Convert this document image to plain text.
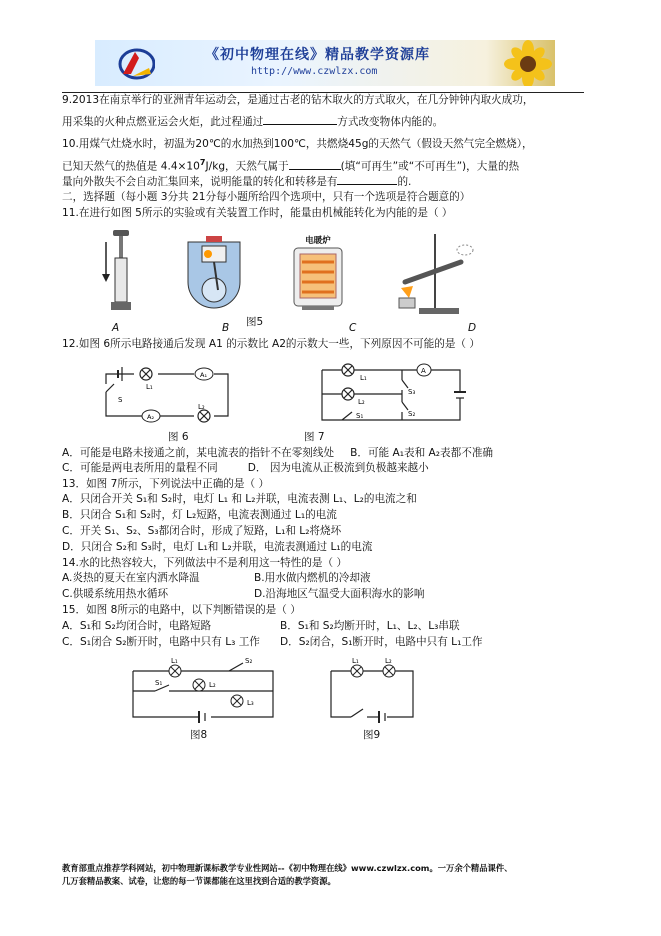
《初中物理在线》精品教学资源库
http://www.czwlzx.com
9.2013在南京举行的亚洲青年运动会，是通过古老的钻木取火的方式取火，在几分钟钟内取火成功，
用采集的火种点燃亚运会火炬，此过程通过	方式改变物体内能的。
10.用煤气灶烧水时，初温为20℃的水加热到100℃，共燃烧45g的天然气（假设天然气完全燃烧），
已知天然气的热值是 $4.4\times 10^7J/kg$，天然气属于	(填“可再生”或“不可再生”)，大量的热
量向外散失不会自动汇集回来，说明能量的转化和转移是有	的.
二，选择题（每小题 3分共 21分每小题所给四个选项中，只有一个选项是符合题意的）
11.在进行如图 5所示的实验或有关装置工作时，能量由机械能转化为内能的是（ ）
电暖炉
A	B 图5	C	D
12.如图 6所示电路接通后发现 A1 的示数比 A2的示数大一些，下列原因不可能的是（ ）
L₁
A₁
S
A₂
L₂
L₁
A
S₃
L₂
S₁	S₂
图 6	图 7
A．可能是电路未接通之前，某电流表的指针不在零刻线处 B．可能 A₁表和 A₂表都不准确
C．可能是两电表所用的量程不同	D． 因为电流从正极流到负极越来越小
13．如图 7所示，下列说法中正确的是（ ）
A．只闭合开关 S₁和 S₂时，电灯 L₁ 和 L₂并联，电流表测 L₁、L₂的电流之和
B．只闭合 S₁和 S₂时，灯 L₂短路，电流表测通过 L₁的电流
C．开关 S₁、S₂、S₃都闭合时，形成了短路，L₁和 L₂将烧坏
D．只闭合 S₂和 S₃时，电灯 L₁和 L₂并联，电流表测通过 L₁的电流
14.水的比热容较大，下列做法中不是利用这一特性的是（ ）
A.炎热的夏天在室内洒水降温	B.用水做内燃机的冷却液
C.供暖系统用热水循环	D.沿海地区气温受大面积海水的影响
15．如图 8所示的电路中，以下判断错误的是（ ）
A．S₁和 S₂均闭合时，电路短路	B．S₁和 S₂均断开时，L₁、L₂、L₃串联
C．S₁闭合 S₂断开时，电路中只有 L₃ 工作 D．S₂闭合，S₁断开时，电路中只有 L₁工作
L₁
L₂
L₃
S₁
S₂	L₁	L₂
图8	图9
教育部重点推荐学科网站，初中物理新课标教学专业性网站--《初中物理在线》www.czwlzx.com。一万余个精品课件、
几万套精品教案、试卷，让您的每一节课都能在这里找到合适的教学资源。
